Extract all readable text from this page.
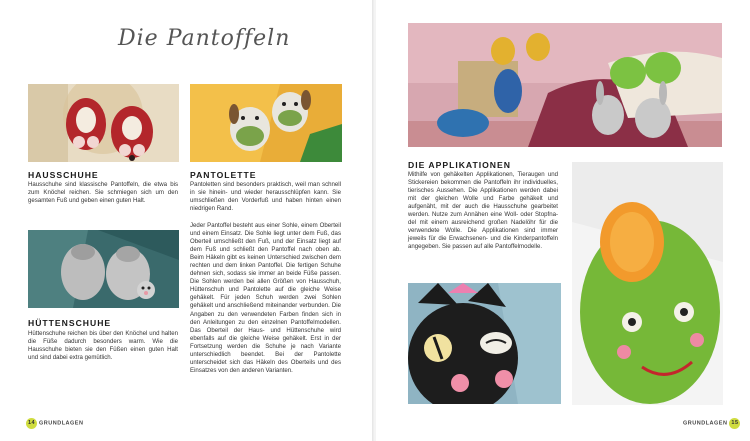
Die Pantoffeln
HAUSSCHUHE

Hausschuhe sind klassische Pantoffeln, die etwa bis zum Knöchel reichen. Sie schmiegen sich um den gesamten Fuß und geben einen guten Halt.

HÜTTENSCHUHE

Hüttenschuhe reichen bis über den Knöchel und halten die Füße dadurch besonders warm. Wie die Hausschuhe bieten sie den Füßen einen guten Halt und sind dabei extra gemütlich.

PANTOLETTE

Pantoletten sind besonders praktisch, weil man schnell in sie hinein- und wieder herausschlüpfen kann. Sie umschließen den Vorderfuß und haben hinten einen niedrigen Rand.

Jeder Pantoffel besteht aus einer Sohle, einem Oberteil und einem Einsatz. Die Sohle liegt unter dem Fuß, das Oberteil umschließt den Fuß, und der Einsatz liegt auf dem Fuß und schließt den Pantoffel nach oben ab. Beim Häkeln gibt es keinen Unterschied zwischen dem rechten und dem linken Pantoffel. Die fertigen Schuhe dehnen sich, sodass sie immer an beide Füße passen. Die Sohlen werden bei allen Größen von Hausschuh, Hüttenschuh und Pantolette auf die gleiche Weise gehäkelt. Für jeden Schuh werden zwei Sohlen gehäkelt und anschließend miteinander verbunden. Die Angaben zu den verwendeten Farben finden sich in den Anleitungen zu den einzelnen Pantoffelmodellen. Das Oberteil der Haus- und Hüttenschuhe wird ebenfalls auf die gleiche Weise gehäkelt. Erst in der Fortsetzung werden die Schuhe je nach Variante unterschiedlich beendet. Bei der Pantolette unterscheidet sich das Häkeln des Oberteils und des Einsatzes von den anderen Varianten.

14 GRUNDLAGEN
DIE APPLIKATIONEN

Mithilfe von gehäkelten Applikationen, Tieraugen und Stickereien bekommen die Pantoffeln ihr individuelles, tierisches Aussehen. Die Applikationen werden dabei mit der gleichen Wolle und Farbe gehäkelt und aufgenäht, mit der auch die Hausschuhe gearbeitet werden. Nutze zum Annähen eine Woll- oder Stopfnadel mit einem ausreichend großen Nadelöhr für die verwendete Wolle. Die Applikationen sind immer jeweils für die Erwachsenen- und die Kinderpantoffeln angegeben. Sie passen auf alle Pantoffelmodelle.

GRUNDLAGEN 15
